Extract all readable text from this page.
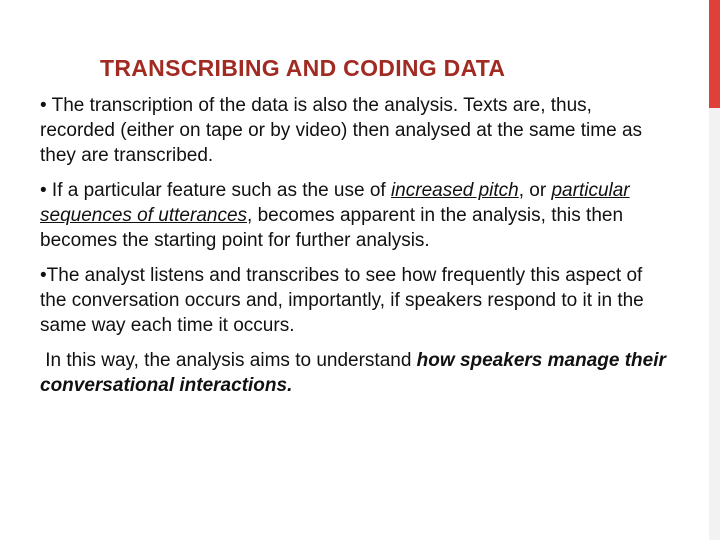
TRANSCRIBING AND CODING DATA

• The transcription of the data is also the analysis. Texts are, thus, recorded (either on tape or by video) then analysed at the same time as they are transcribed.

• If a particular feature such as the use of increased pitch, or particular sequences of utterances, becomes apparent in the analysis, this then becomes the starting point for further analysis.

•The analyst listens and transcribes to see how frequently this aspect of the conversation occurs and, importantly, if speakers respond to it in the same way each time it occurs.

In this way, the analysis aims to understand how speakers manage their conversational interactions.
